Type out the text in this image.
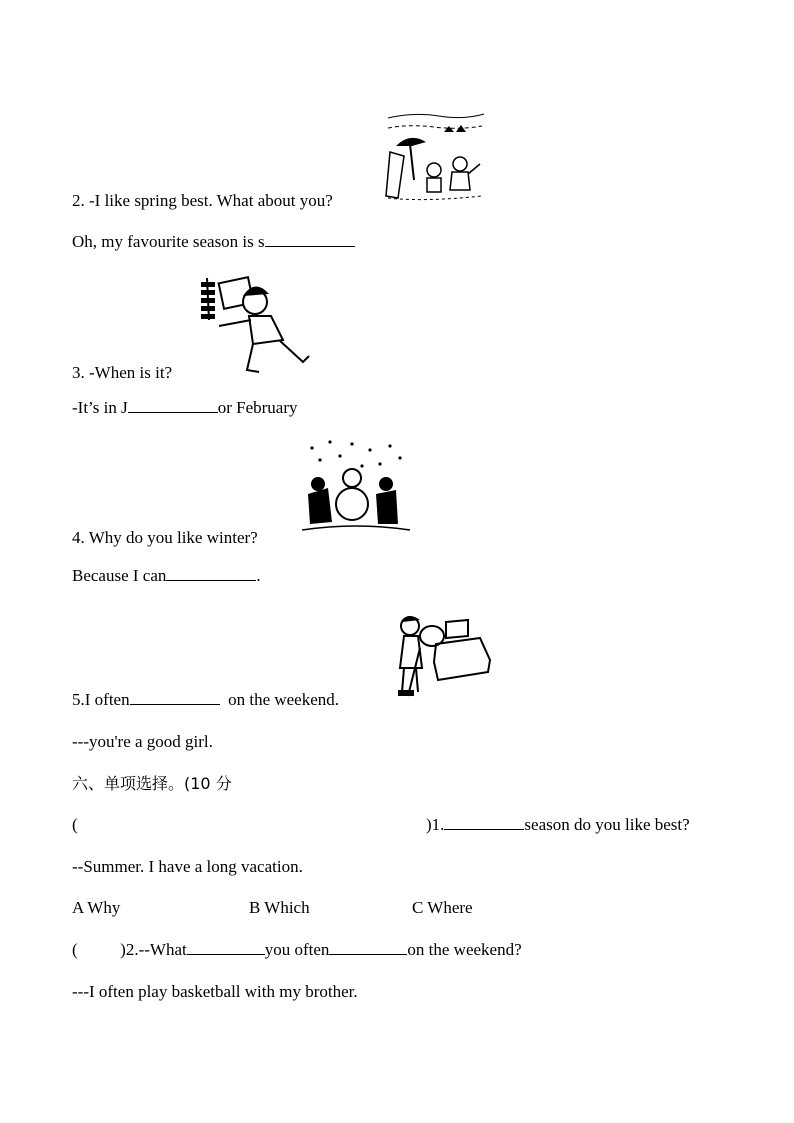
2. -I like spring best. What about you?
Oh, my favourite season is s
3. -When is it?
-It’s in J	or February
4. Why do you like winter?
Because I can	.
5.I often	on the weekend.
---you're a good girl.
六、单项选择。(10 分
(	)1.	season do you like best?
--Summer. I have a long vacation.
A Why	B Which	C Where
(          )2.--What	you often	on the weekend?
---I often play basketball with my brother.
